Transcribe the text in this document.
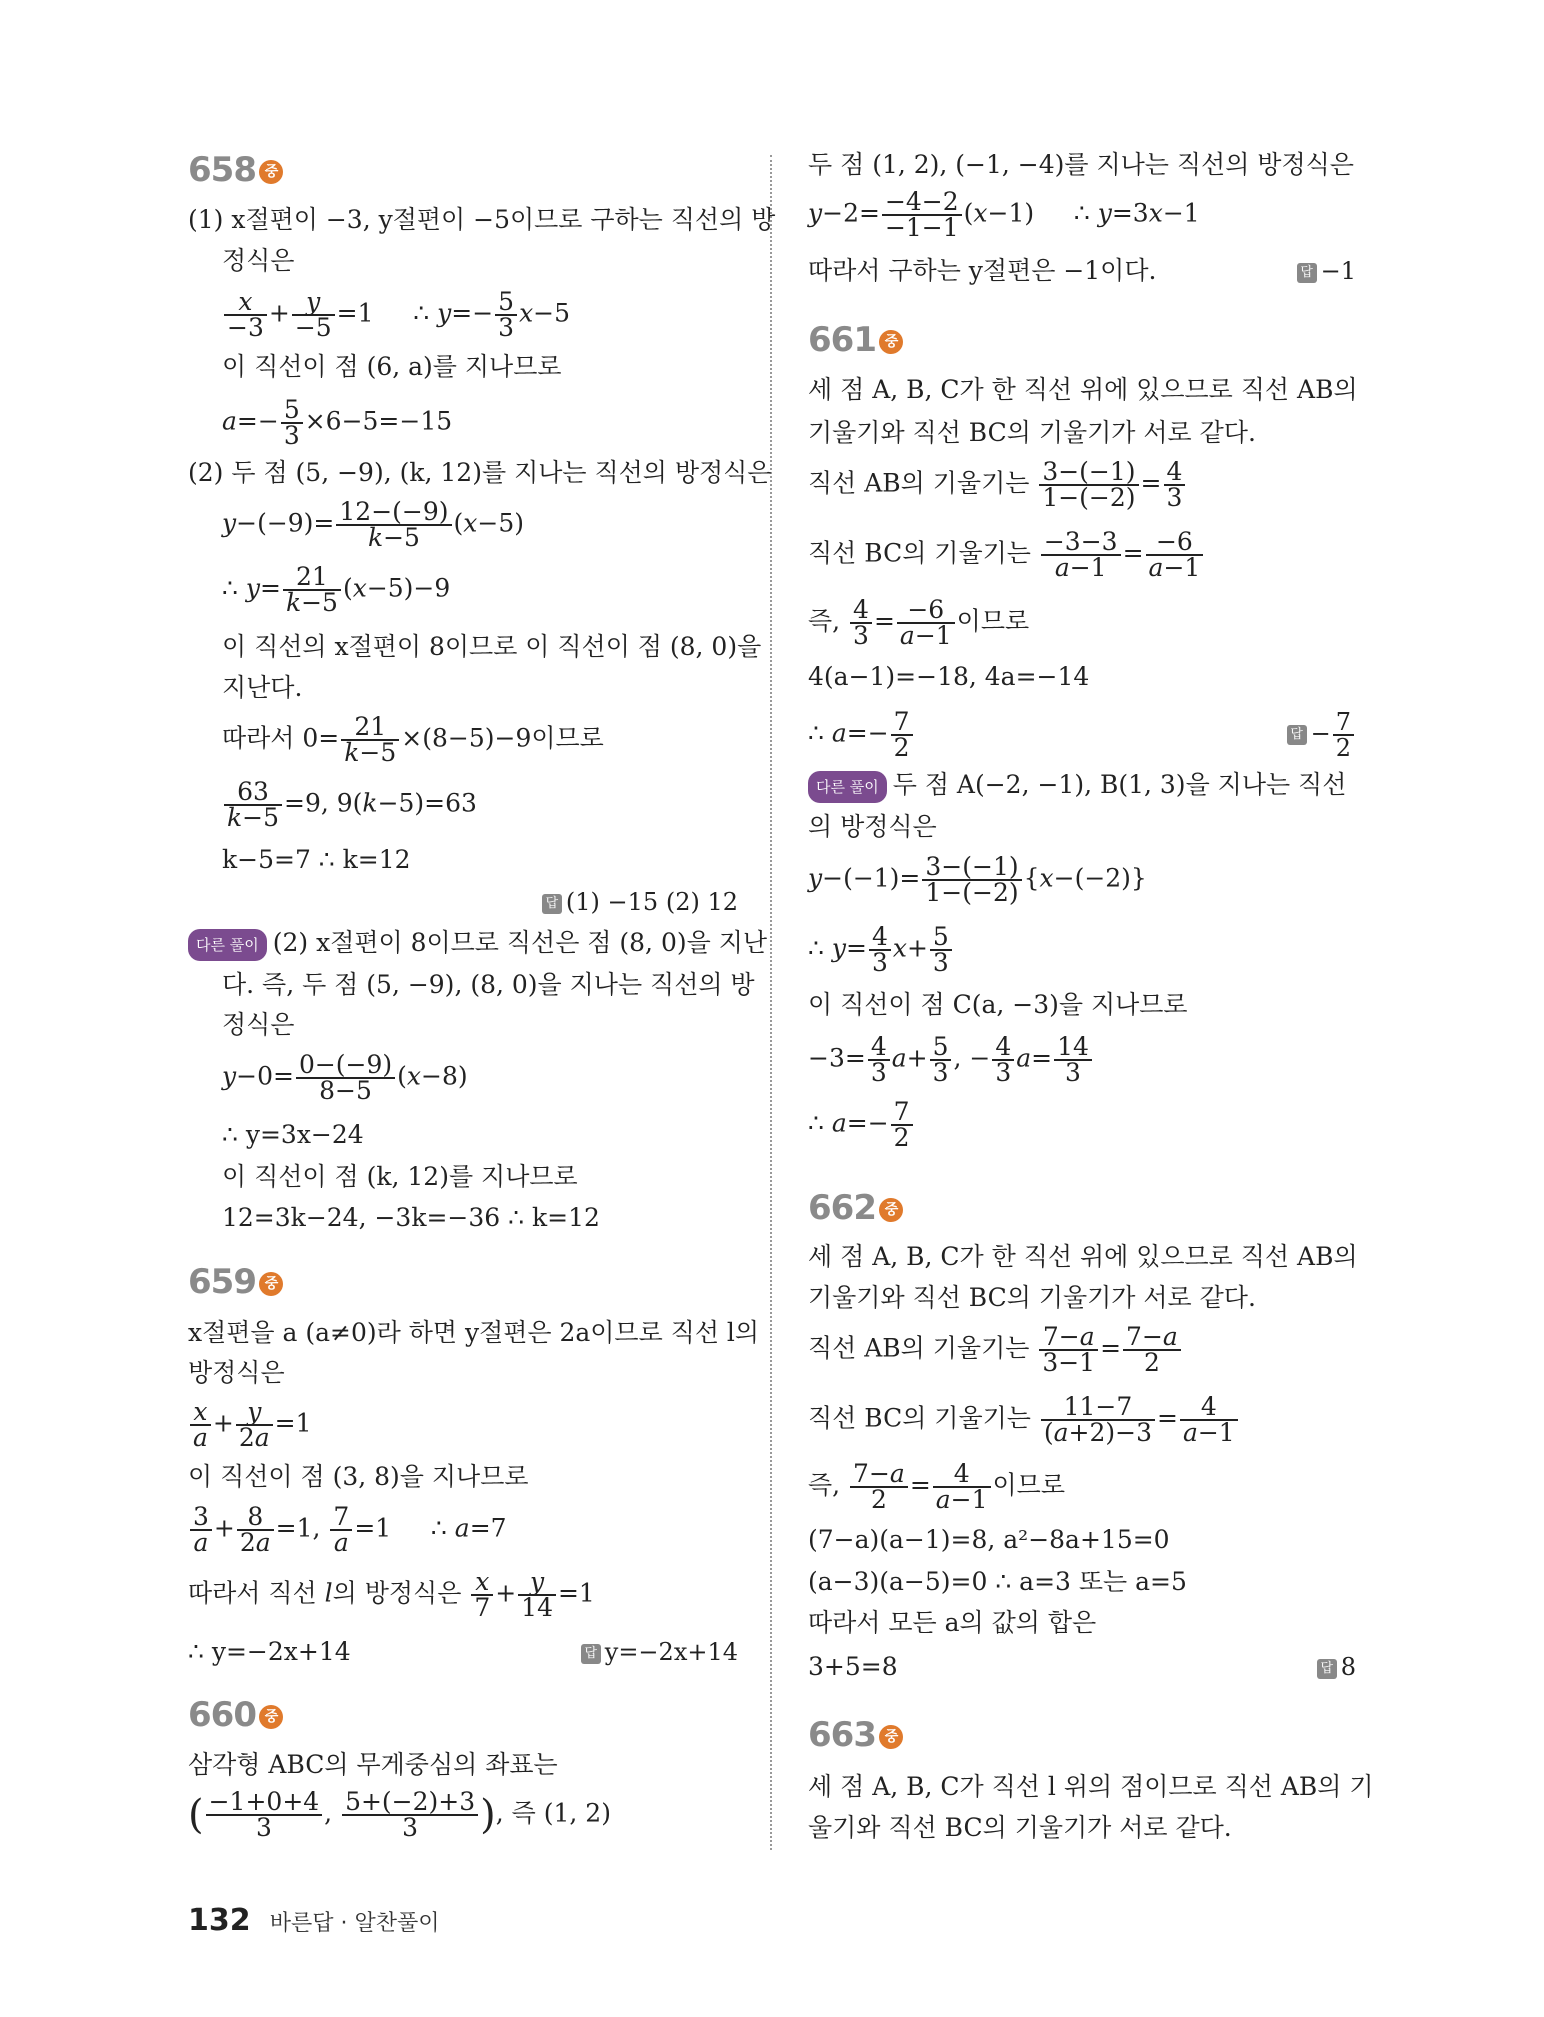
658 중
(1) x절편이 −3, y절편이 −5이므로 구하는 직선의 방
정식은
$\frac{x}{-3} + \frac{y}{-5} =1$     ∴ $y=- \frac{5}{3} x-5$
이 직선이 점 (6, a)를 지나므로
$a=- \frac{5}{3} \times 6-5=-15$
(2) 두 점 (5, −9), (k, 12)를 지나는 직선의 방정식은
$y-(-9)= \frac{12-(-9)}{k-5} (x-5)$
∴ $y= \frac{21}{k-5} (x-5)-9$
이 직선의 x절편이 8이므로 이 직선이 점 (8, 0)을
지난다.
따라서 $0= \frac{21}{k-5} \times(8-5)-9$이므로
$\frac{63}{k-5} =9$, 9(k−5)=63
k−5=7 ∴ k=12
답 (1) −15 (2) 12
다른 풀이 (2) x절편이 8이므로 직선은 점 (8, 0)을 지난
다. 즉, 두 점 (5, −9), (8, 0)을 지나는 직선의 방
정식은
$y-0= \frac{0-(-9)}{8-5} (x-8)$
∴ y=3x−24
이 직선이 점 (k, 12)를 지나므로
12=3k−24, −3k=−36 ∴ k=12
659 중
x절편을 a (a≠0)라 하면 y절편은 2a이므로 직선 l의
방정식은
$\frac{x}{a} + \frac{y}{2a} =1$
이 직선이 점 (3, 8)을 지나므로
$\frac{3}{a} + \frac{8}{2a} =1$, $\frac{7}{a} =1$     ∴ a=7
따라서 직선 l의 방정식은 $\frac{x}{7} + \frac{y}{14} =1$
∴ y=−2x+14	답 y=−2x+14
660 중
삼각형 ABC의 무게중심의 좌표는
( $\frac{-1+0+4}{3}$ , $\frac{5+(-2)+3}{3}$ ), 즉 (1, 2)
두 점 (1, 2), (−1, −4)를 지나는 직선의 방정식은
$y-2= \frac{-4-2}{-1-1} (x-1)$     ∴ y=3x−1
따라서 구하는 y절편은 −1이다.	답 −1
661 중
세 점 A, B, C가 한 직선 위에 있으므로 직선 AB의
기울기와 직선 BC의 기울기가 서로 같다.
직선 AB의 기울기는 $\frac{3-(-1)}{1-(-2)} = \frac{4}{3}$
직선 BC의 기울기는 $\frac{-3-3}{a-1} = \frac{-6}{a-1}$
즉, $\frac{4}{3} = \frac{-6}{a-1}$ 이므로
4(a−1)=−18, 4a=−14
∴ $a=- \frac{7}{2}$	답 − $\frac{7}{2}$
다른 풀이 두 점 A(−2, −1), B(1, 3)을 지나는 직선
의 방정식은
$y-(-1)= \frac{3-(-1)}{1-(-2)} \{x-(-2)\}$
∴ $y= \frac{4}{3} x+ \frac{5}{3}$
이 직선이 점 C(a, −3)을 지나므로
$-3= \frac{4}{3} a+ \frac{5}{3}$ , − $\frac{4}{3} a= \frac{14}{3}$
∴ $a=- \frac{7}{2}$
662 중
세 점 A, B, C가 한 직선 위에 있으므로 직선 AB의
기울기와 직선 BC의 기울기가 서로 같다.
직선 AB의 기울기는 $\frac{7-a}{3-1} = \frac{7-a}{2}$
직선 BC의 기울기는 $\frac{11-7}{(a+2)-3} = \frac{4}{a-1}$
즉, $\frac{7-a}{2} = \frac{4}{a-1}$ 이므로
(7−a)(a−1)=8, a²−8a+15=0
(a−3)(a−5)=0 ∴ a=3 또는 a=5
따라서 모든 a의 값의 합은
3+5=8	답 8
663 중
세 점 A, B, C가 직선 l 위의 점이므로 직선 AB의 기
울기와 직선 BC의 기울기가 서로 같다.
132 바른답 · 알찬풀이
